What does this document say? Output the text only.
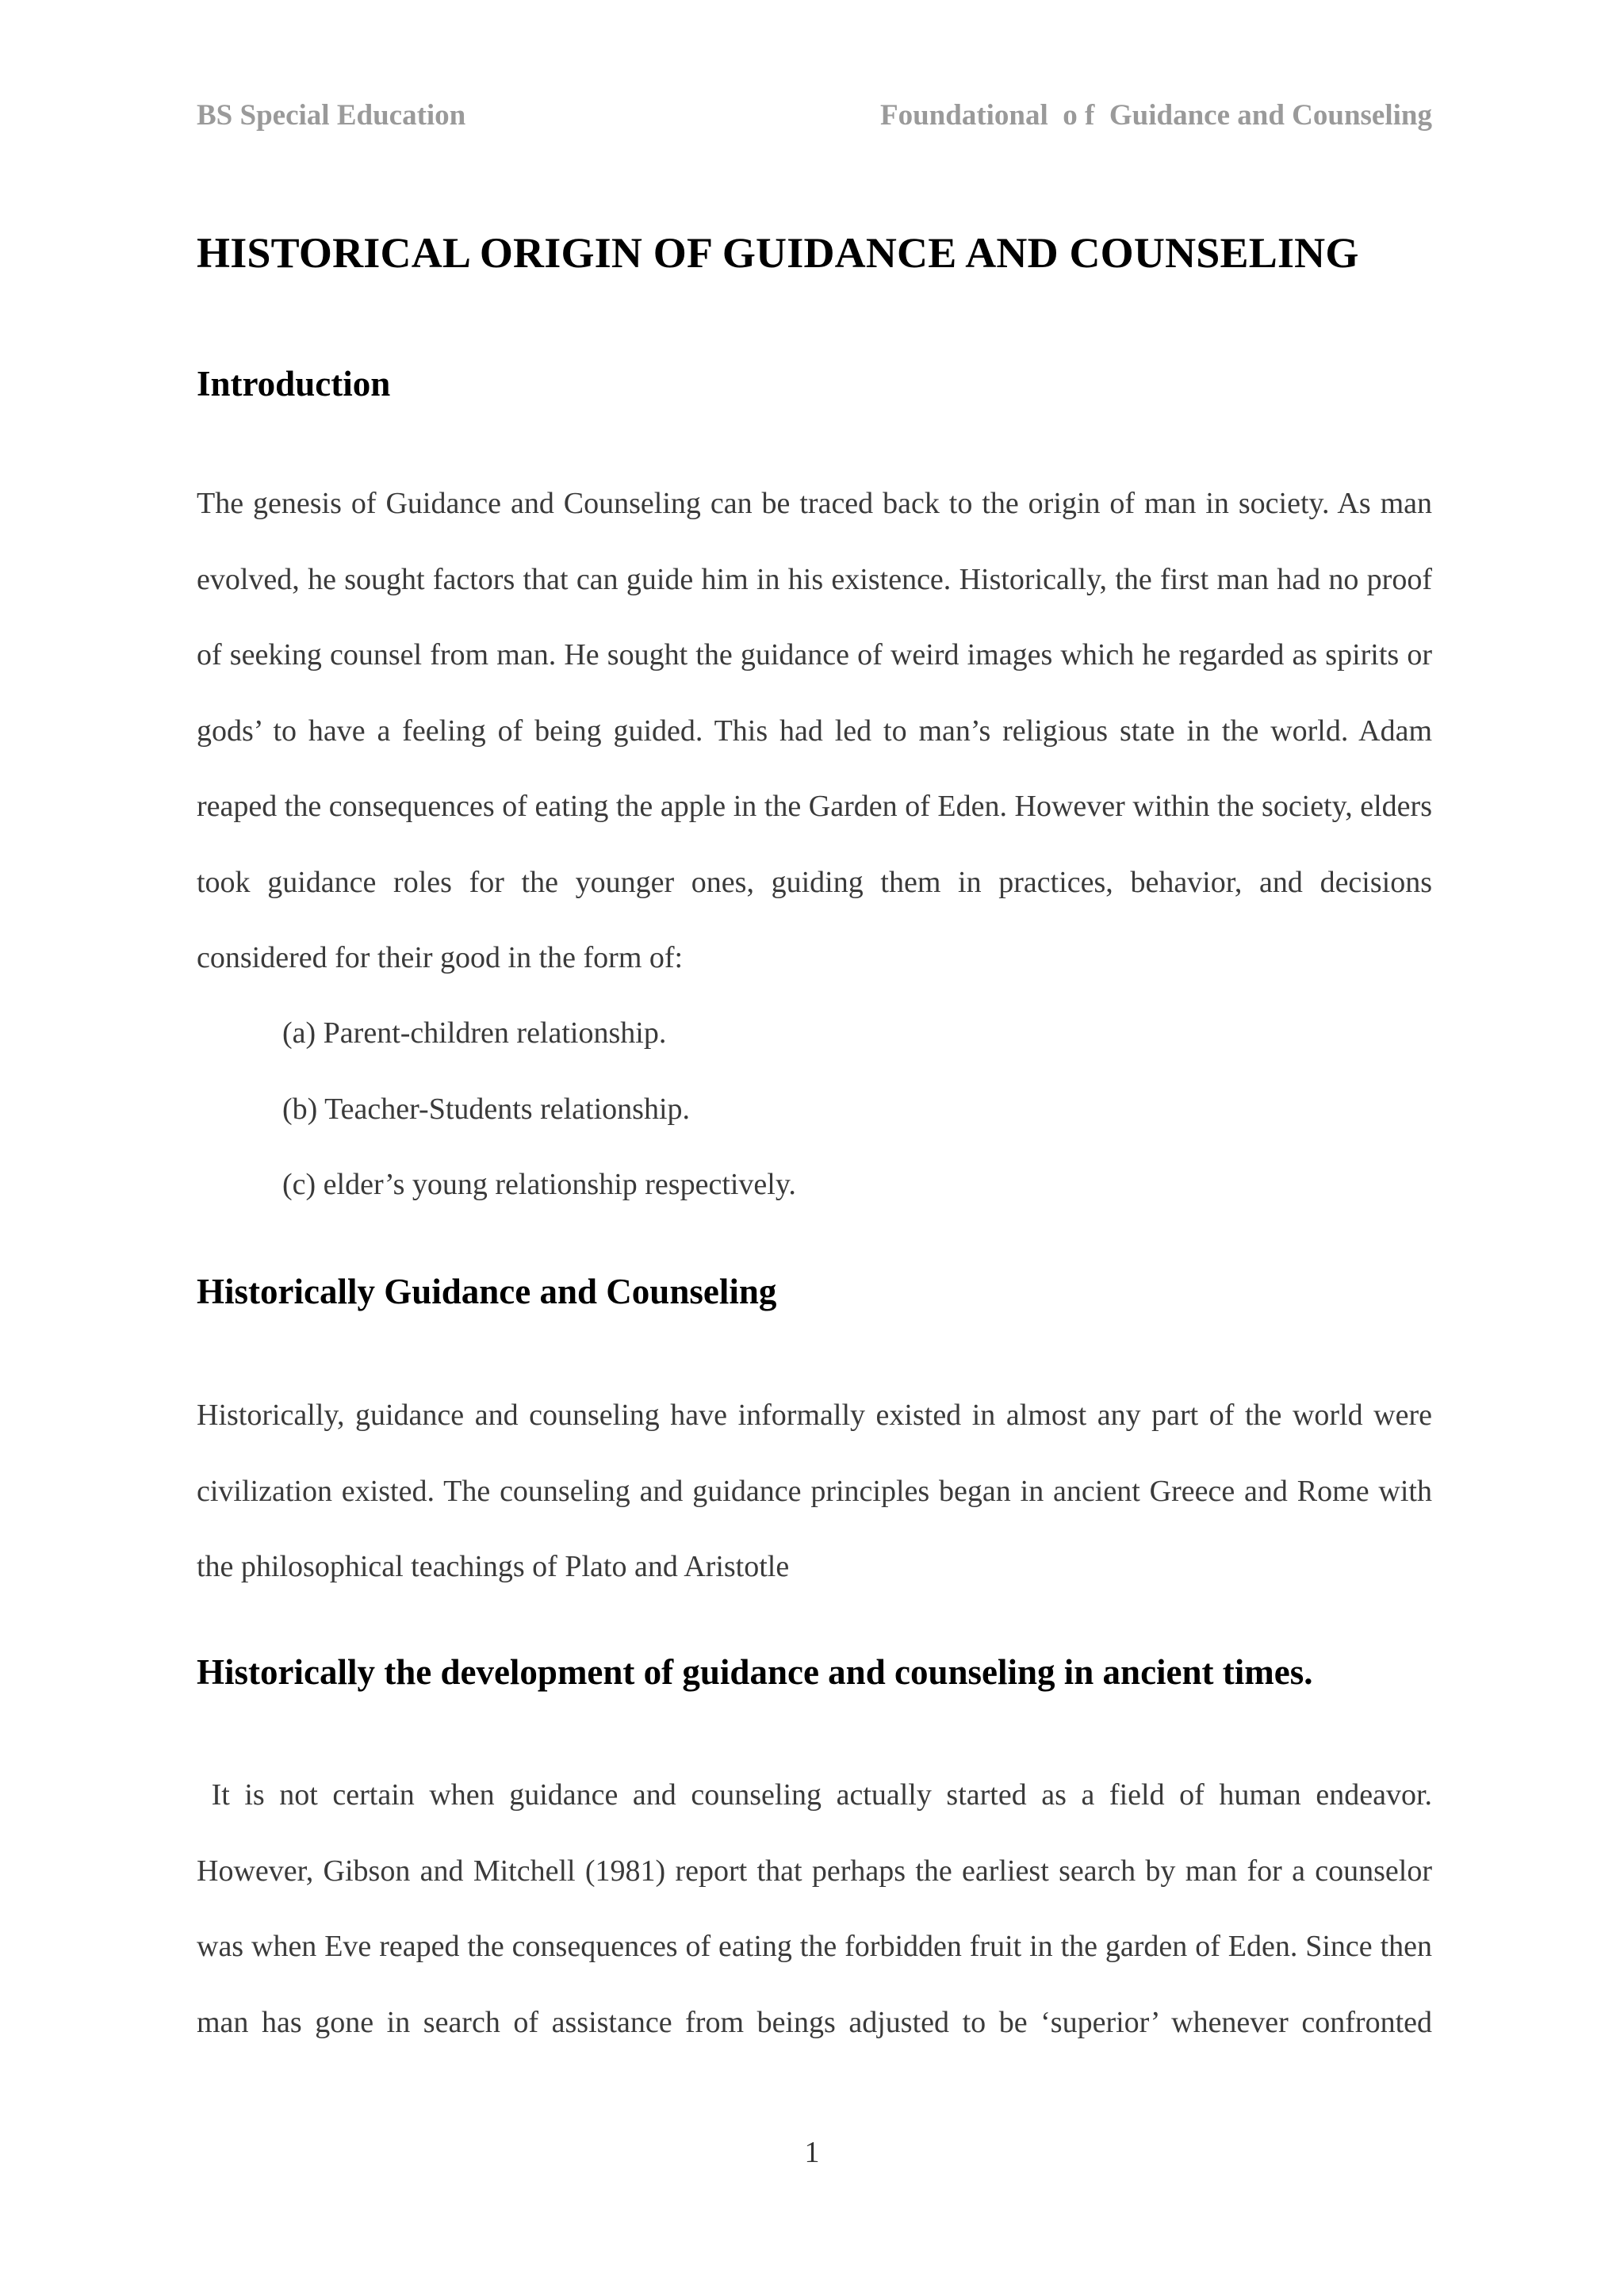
BS Special Education	Foundational  o f  Guidance and Counseling
HISTORICAL ORIGIN OF GUIDANCE AND COUNSELING
Introduction

The genesis of Guidance and Counseling can be traced back to the origin of man in society. As man evolved, he sought factors that can guide him in his existence. Historically, the first man had no proof of seeking counsel from man. He sought the guidance of weird images which he regarded as spirits or gods’ to have a feeling of being guided. This had led to man’s religious state in the world. Adam reaped the consequences of eating the apple in the Garden of Eden. However within the society, elders took guidance roles for the younger ones, guiding them in practices, behavior, and decisions considered for their good in the form of:

(a) Parent-children relationship.
(b) Teacher-Students relationship.
(c) elder’s young relationship respectively.
Historically Guidance and Counseling

Historically, guidance and counseling have informally existed in almost any part of the world were civilization existed. The counseling and guidance principles began in ancient Greece and Rome with the philosophical teachings of Plato and Aristotle

Historically the development of guidance and counseling in ancient times.

It is not certain when guidance and counseling actually started as a field of human endeavor. However, Gibson and Mitchell (1981) report that perhaps the earliest search by man for a counselor was when Eve reaped the consequences of eating the forbidden fruit in the garden of Eden. Since then man has gone in search of assistance from beings adjusted to be ‘superior’ whenever confronted

1
